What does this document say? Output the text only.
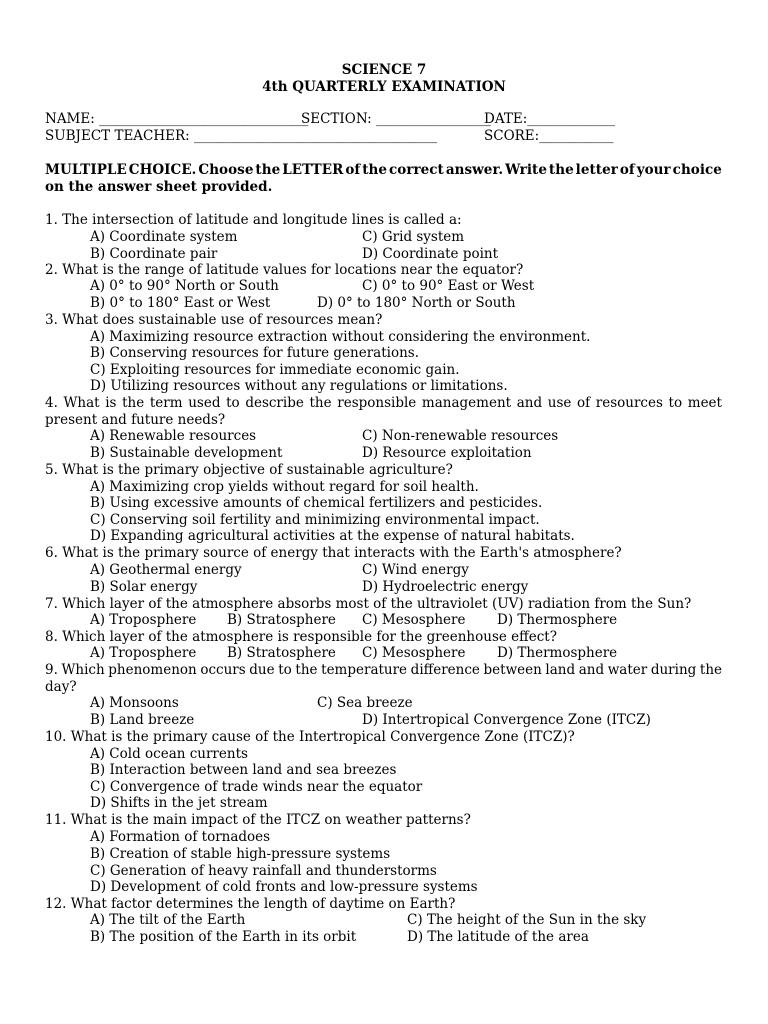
SCIENCE 7
4th QUARTERLY EXAMINATION
NAME: _______________________________
SECTION: _________________
DATE:_____________
SUBJECT TEACHER: ____________________________________	SCORE:___________
MULTIPLE CHOICE. Choose the LETTER of the correct answer. Write the letter of your choice
on the answer sheet provided.
1. The intersection of latitude and longitude lines is called a:
A) Coordinate system	C) Grid system
B) Coordinate pair	D) Coordinate point
2. What is the range of latitude values for locations near the equator?
A) 0° to 90° North or South	C) 0° to 90° East or West
B) 0° to 180° East or West	D) 0° to 180° North or South
3. What does sustainable use of resources mean?
A) Maximizing resource extraction without considering the environment.
B) Conserving resources for future generations.
C) Exploiting resources for immediate economic gain.
D) Utilizing resources without any regulations or limitations.
4. What is the term used to describe the responsible management and use of resources to meet
present and future needs?
A) Renewable resources	C) Non-renewable resources
B) Sustainable development	D) Resource exploitation
5. What is the primary objective of sustainable agriculture?
A) Maximizing crop yields without regard for soil health.
B) Using excessive amounts of chemical fertilizers and pesticides.
C) Conserving soil fertility and minimizing environmental impact.
D) Expanding agricultural activities at the expense of natural habitats.
6. What is the primary source of energy that interacts with the Earth's atmosphere?
A) Geothermal energy	C) Wind energy
B) Solar energy	D) Hydroelectric energy
7. Which layer of the atmosphere absorbs most of the ultraviolet (UV) radiation from the Sun?
A) Troposphere B) Stratosphere C) Mesosphere D) Thermosphere
8. Which layer of the atmosphere is responsible for the greenhouse effect?
A) Troposphere B) Stratosphere C) Mesosphere D) Thermosphere
9. Which phenomenon occurs due to the temperature difference between land and water during the
day?
A) Monsoons	C) Sea breeze
B) Land breeze	D) Intertropical Convergence Zone (ITCZ)
10. What is the primary cause of the Intertropical Convergence Zone (ITCZ)?
A) Cold ocean currents
B) Interaction between land and sea breezes
C) Convergence of trade winds near the equator
D) Shifts in the jet stream
11. What is the main impact of the ITCZ on weather patterns?
A) Formation of tornadoes
B) Creation of stable high-pressure systems
C) Generation of heavy rainfall and thunderstorms
D) Development of cold fronts and low-pressure systems
12. What factor determines the length of daytime on Earth?
A) The tilt of the Earth	C) The height of the Sun in the sky
B) The position of the Earth in its orbit	D) The latitude of the area
